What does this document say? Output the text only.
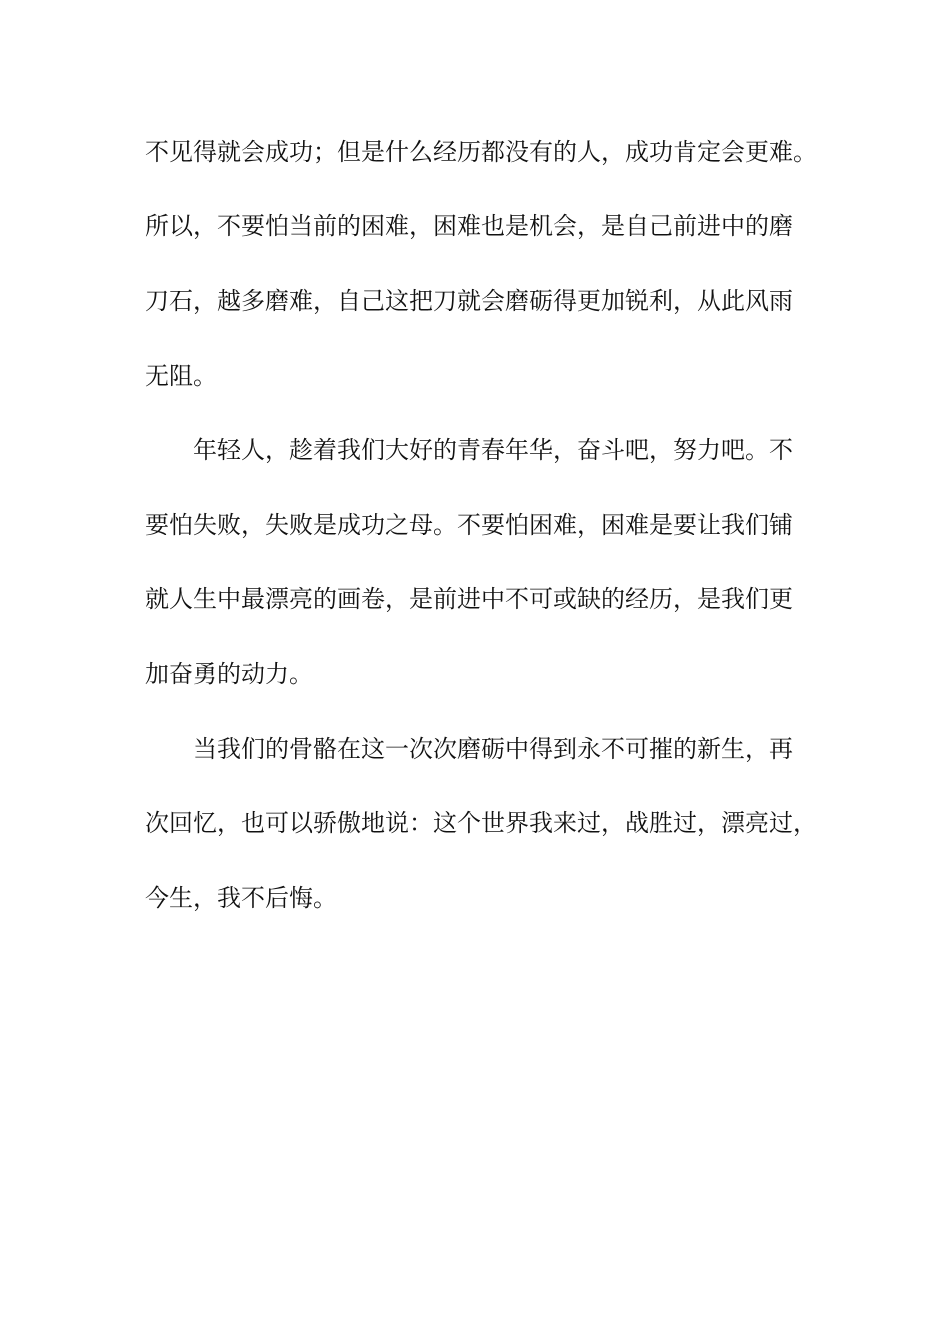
不见得就会成功；但是什么经历都没有的人，成功肯定会更难。
所以，不要怕当前的困难，困难也是机会，是自己前进中的磨
刀石，越多磨难，自己这把刀就会磨砺得更加锐利，从此风雨
无阻。
年轻人，趁着我们大好的青春年华，奋斗吧，努力吧。不
要怕失败，失败是成功之母。不要怕困难，困难是要让我们铺
就人生中最漂亮的画卷，是前进中不可或缺的经历，是我们更
加奋勇的动力。
当我们的骨骼在这一次次磨砺中得到永不可摧的新生，再
次回忆，也可以骄傲地说：这个世界我来过，战胜过，漂亮过，
今生，我不后悔。
